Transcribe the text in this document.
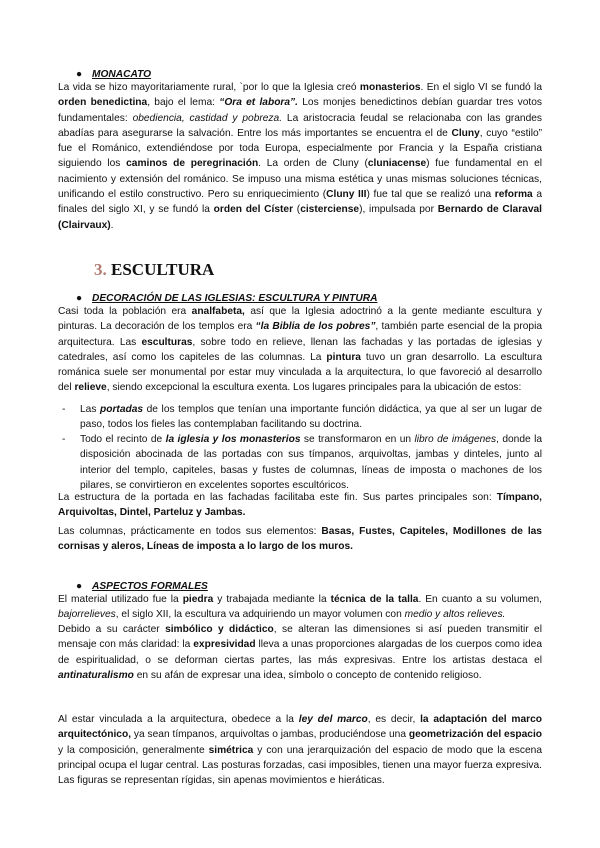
● MONACATO

La vida se hizo mayoritariamente rural, `por lo que la Iglesia creó monasterios. En el siglo VI se fundó la orden benedictina, bajo el lema: “Ora et labora”. Los monjes benedictinos debían guardar tres votos fundamentales: obediencia, castidad y pobreza. La aristocracia feudal se relacionaba con las grandes abadías para asegurarse la salvación. Entre los más importantes se encuentra el de Cluny, cuyo “estilo” fue el Románico, extendiéndose por toda Europa, especialmente por Francia y la España cristiana siguiendo los caminos de peregrinación. La orden de Cluny (cluniacense) fue fundamental en el nacimiento y extensión del románico. Se impuso una misma estética y unas mismas soluciones técnicas, unificando el estilo constructivo. Pero su enriquecimiento (Cluny III) fue tal que se realizó una reforma a finales del siglo XI, y se fundó la orden del Císter (cisterciense), impulsada por Bernardo de Claraval (Clairvaux).

3. ESCULTURA
● DECORACIÓN DE LAS IGLESIAS: ESCULTURA Y PINTURA

Casi toda la población era analfabeta, así que la Iglesia adoctrinó a la gente mediante escultura y pinturas. La decoración de los templos era “la Biblia de los pobres”, también parte esencial de la propia arquitectura. Las esculturas, sobre todo en relieve, llenan las fachadas y las portadas de iglesias y catedrales, así como los capiteles de las columnas. La pintura tuvo un gran desarrollo. La escultura románica suele ser monumental por estar muy vinculada a la arquitectura, lo que favoreció al desarrollo del relieve, siendo excepcional la escultura exenta. Los lugares principales para la ubicación de estos:

- Las portadas de los templos que tenían una importante función didáctica, ya que al ser un lugar de paso, todos los fieles las contemplaban facilitando su doctrina.

- Todo el recinto de la iglesia y los monasterios se transformaron en un libro de imágenes, donde la disposición abocinada de las portadas con sus tímpanos, arquivoltas, jambas y dinteles, junto al interior del templo, capiteles, basas y fustes de columnas, líneas de imposta o machones de los pilares, se convirtieron en excelentes soportes escultóricos.

La estructura de la portada en las fachadas facilitaba este fin. Sus partes principales son: Tímpano, Arquivoltas, Dintel, Parteluz y Jambas.

Las columnas, prácticamente en todos sus elementos: Basas, Fustes, Capiteles, Modillones de las cornisas y aleros, Líneas de imposta a lo largo de los muros.

● ASPECTOS FORMALES

El material utilizado fue la piedra y trabajada mediante la técnica de la talla. En cuanto a su volumen, bajorrelieves, el siglo XII, la escultura va adquiriendo un mayor volumen con medio y altos relieves.

Debido a su carácter simbólico y didáctico, se alteran las dimensiones si así pueden transmitir el mensaje con más claridad: la expresividad lleva a unas proporciones alargadas de los cuerpos como idea de espiritualidad, o se deforman ciertas partes, las más expresivas. Entre los artistas destaca el antinaturalismo en su afán de expresar una idea, símbolo o concepto de contenido religioso.

Al estar vinculada a la arquitectura, obedece a la ley del marco, es decir, la adaptación del marco arquitectónico, ya sean tímpanos, arquivoltas o jambas, produciéndose una geometrización del espacio y la composición, generalmente simétrica y con una jerarquización del espacio de modo que la escena principal ocupa el lugar central. Las posturas forzadas, casi imposibles, tienen una mayor fuerza expresiva. Las figuras se representan rígidas, sin apenas movimientos e hieráticas.
